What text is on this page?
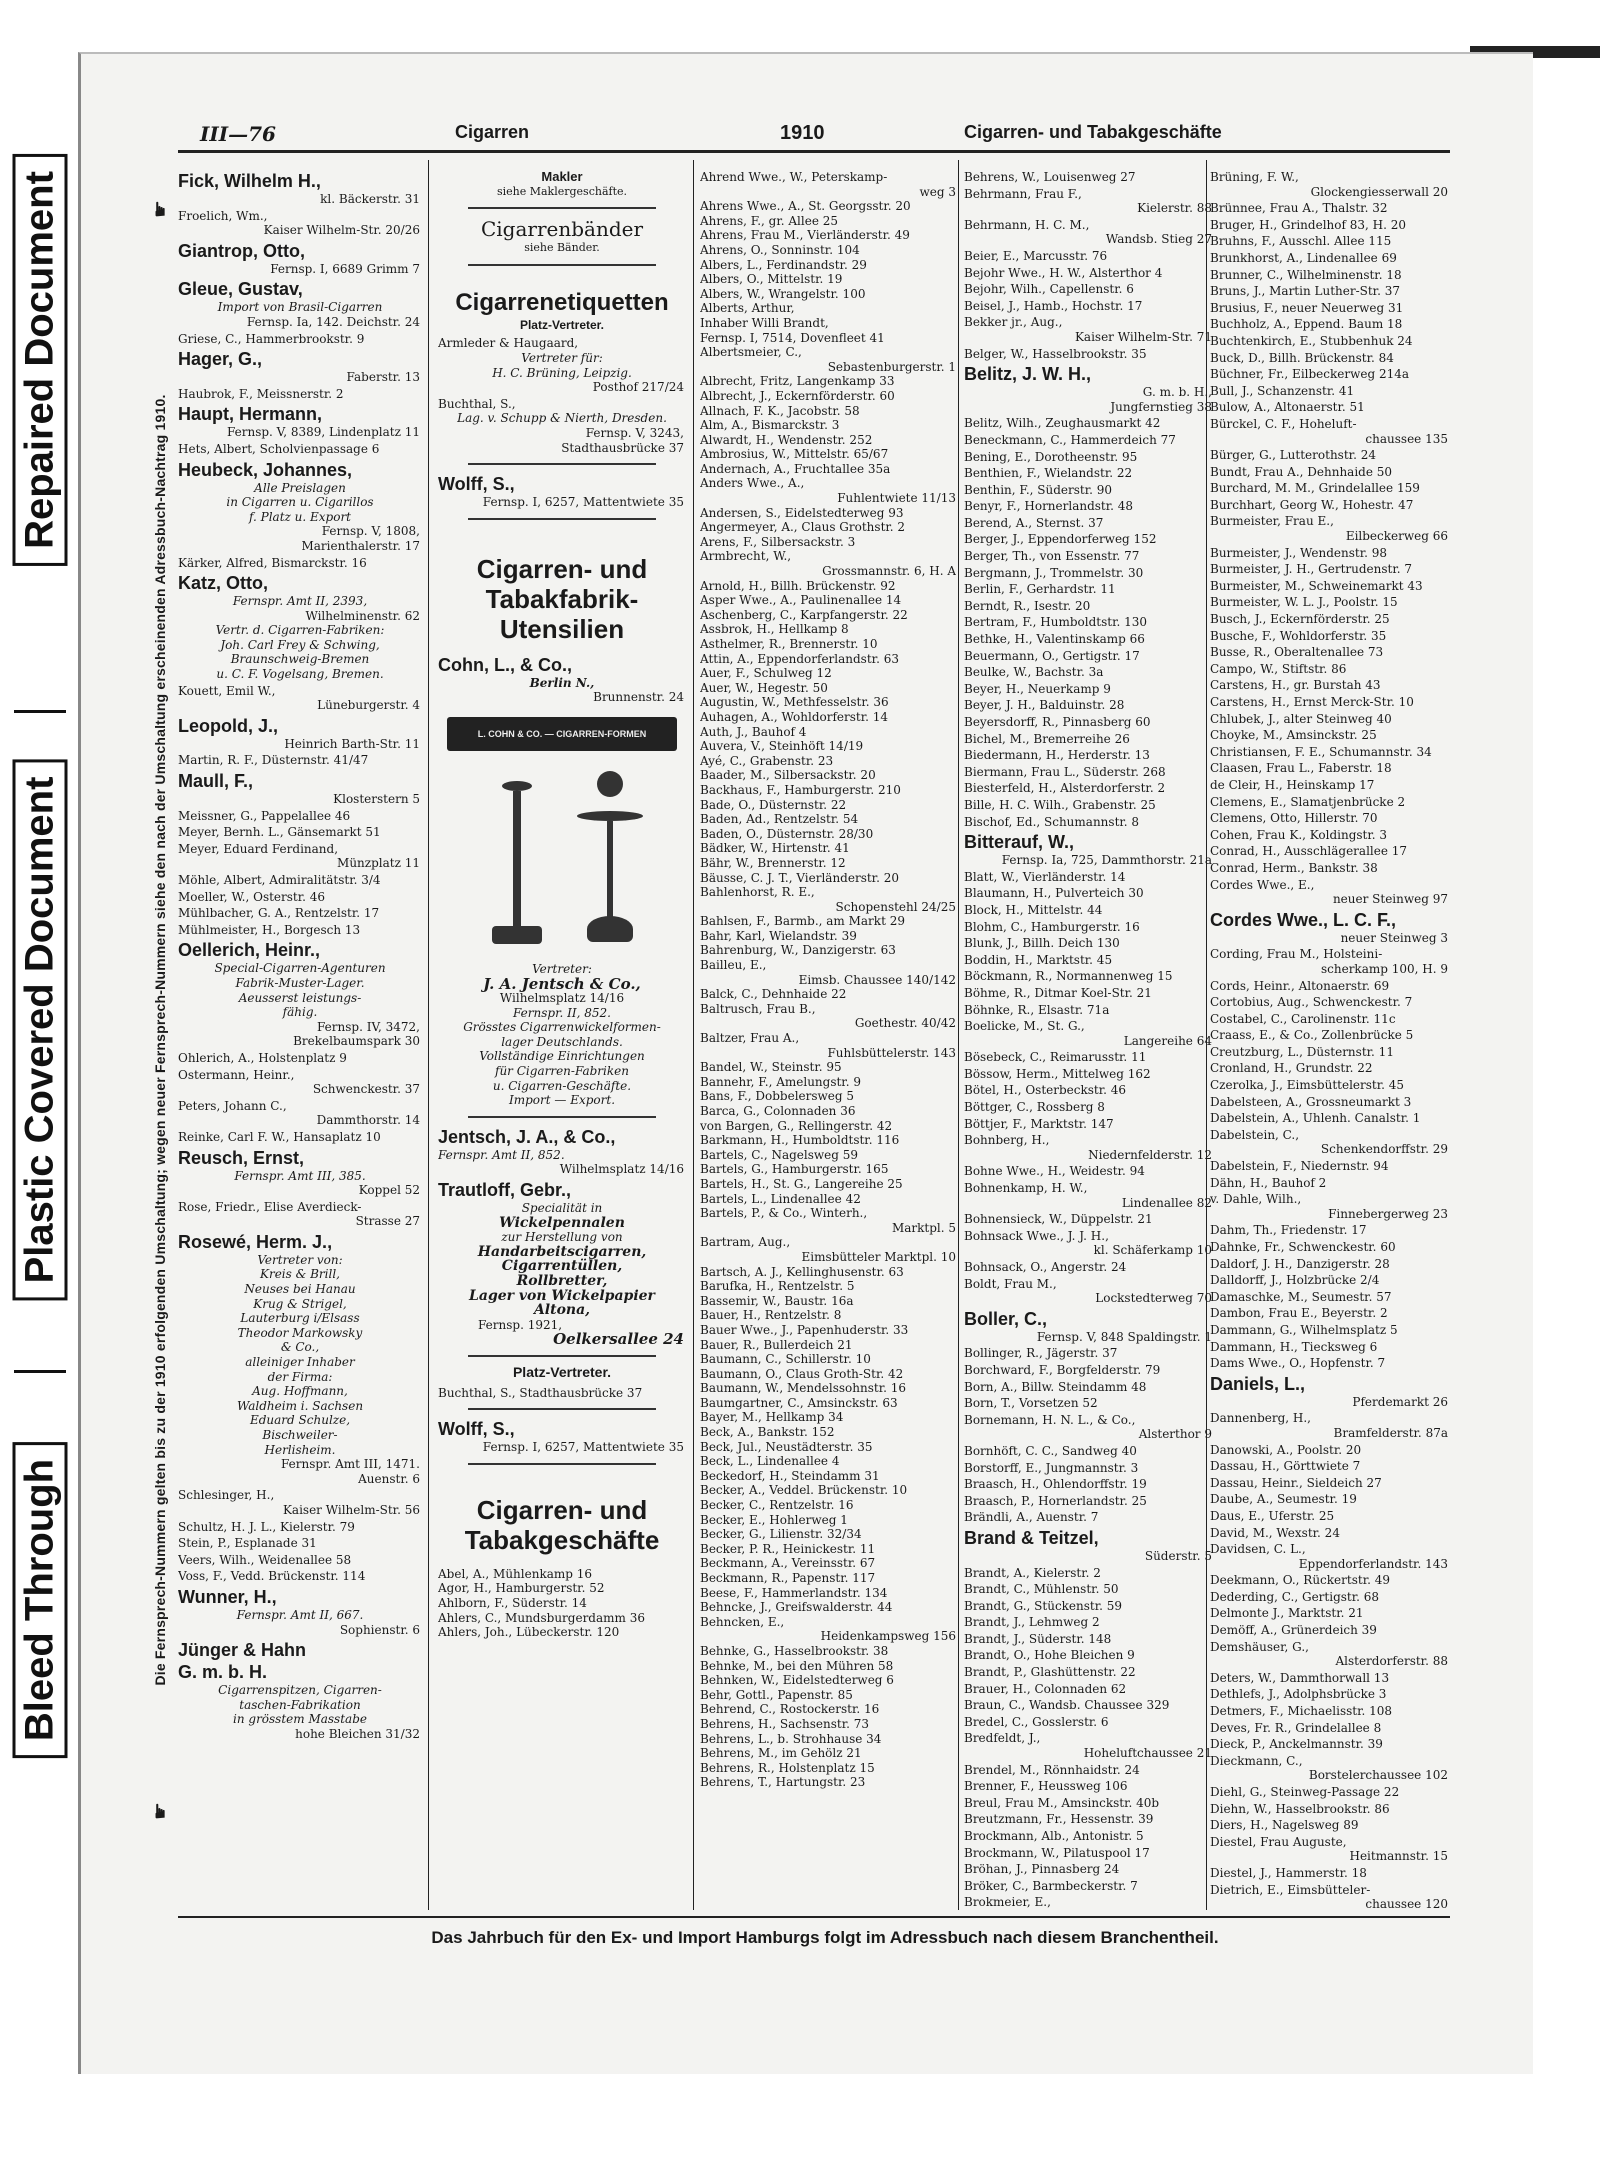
Repaired Document
Plastic Covered Document
Bleed Through
☛
Die Fernsprech-Nummern gelten bis zu der 1910 erfolgenden Umschaltung; wegen neuer Fernsprech-Nummern siehe den nach der Umschaltung erscheinenden Adressbuch-Nachtrag 1910.
☛
III—76	Cigarren	1910	Cigarren- und Tabakgeschäfte
Fick, Wilhelm H.,
kl. Bäckerstr. 31
Froelich, Wm.,
Kaiser Wilhelm-Str. 20/26
Giantrop, Otto,
Fernsp. I, 6689 Grimm 7
Gleue, Gustav,
Import von Brasil-Cigarren
Fernsp. Ia, 142. Deichstr. 24
Griese, C., Hammerbrookstr. 9
Hager, G.,
Faberstr. 13
Haubrok, F., Meissnerstr. 2
Haupt, Hermann,
Fernsp. V, 8389, Lindenplatz 11
Hets, Albert, Scholvienpassage 6
Heubeck, Johannes,
Alle Preislagen
in Cigarren u. Cigarillos
f. Platz u. Export
Fernsp. V, 1808,
Marienthalerstr. 17
Kärker, Alfred, Bismarckstr. 16
Katz, Otto,
Fernspr. Amt II, 2393,
Wilhelminenstr. 62
Vertr. d. Cigarren-Fabriken:
Joh. Carl Frey & Schwing,
Braunschweig-Bremen
u. C. F. Vogelsang, Bremen.
Kouett, Emil W.,
Lüneburgerstr. 4
Leopold, J.,
Heinrich Barth-Str. 11
Martin, R. F., Düsternstr. 41/47
Maull, F.,
Klosterstern 5
Meissner, G., Pappelallee 46
Meyer, Bernh. L., Gänsemarkt 51
Meyer, Eduard Ferdinand,
Münzplatz 11
Möhle, Albert, Admiralitätstr. 3/4
Moeller, W., Osterstr. 46
Mühlbacher, G. A., Rentzelstr. 17
Mühlmeister, H., Borgesch 13
Oellerich, Heinr.,
Special-Cigarren-Agenturen
Fabrik-Muster-Lager.
Aeusserst leistungs-
fähig.
Fernsp. IV, 3472,
Brekelbaumspark 30
Ohlerich, A., Holstenplatz 9
Ostermann, Heinr.,
Schwenckestr. 37
Peters, Johann C.,
Dammthorstr. 14
Reinke, Carl F. W., Hansaplatz 10
Reusch, Ernst,
Fernspr. Amt III, 385.
Koppel 52
Rose, Friedr., Elise Averdieck-
Strasse 27
Rosewé, Herm. J.,
Vertreter von:
Kreis & Brill,
Neuses bei Hanau
Krug & Strigel,
Lauterburg i/Elsass
Theodor Markowsky
& Co.,
alleiniger Inhaber
der Firma:
Aug. Hoffmann,
Waldheim i. Sachsen
Eduard Schulze,
Bischweiler-
Herlisheim.
Fernspr. Amt III, 1471.
Auenstr. 6
Schlesinger, H.,
Kaiser Wilhelm-Str. 56
Schultz, H. J. L., Kielerstr. 79
Stein, P., Esplanade 31
Veers, Wilh., Weidenallee 58
Voss, F., Vedd. Brückenstr. 114
Wunner, H.,
Fernspr. Amt II, 667.
Sophienstr. 6
Jünger & Hahn
G. m. b. H.
Cigarrenspitzen, Cigarren-
taschen-Fabrikation
in grösstem Masstabe
hohe Bleichen 31/32
Makler
siehe Maklergeschäfte.
Cigarrenbänder
siehe Bänder.
Cigarrenetiquetten
Platz-Vertreter.
Armleder & Haugaard,
Vertreter für:
H. C. Brüning, Leipzig.
Posthof 217/24
Buchthal, S.,
Lag. v. Schupp & Nierth, Dresden.
Fernsp. V, 3243,
Stadthausbrücke 37
Wolff, S.,
Fernsp. I, 6257, Mattentwiete 35
Cigarren- und Tabakfabrik- Utensilien
Cohn, L., & Co.,
Berlin N.,
Brunnenstr. 24
L. COHN & CO. — CIGARREN-FORMEN
Vertreter:
J. A. Jentsch & Co.,
Wilhelmsplatz 14/16
Fernspr. II, 852.
Grösstes Cigarrenwickelformen-
lager Deutschlands.
Vollständige Einrichtungen
für Cigarren-Fabriken
u. Cigarren-Geschäfte.
Import — Export.
Jentsch, J. A., & Co.,
Fernspr. Amt II, 852.
Wilhelmsplatz 14/16
Trautloff, Gebr.,
Specialität in
Wickelpennalen
zur Herstellung von
Handarbeitscigarren,
Cigarrentüllen,
Rollbretter,
Lager von Wickelpapier
Altona,
Fernsp. 1921,
Oelkersallee 24
Platz-Vertreter.
Buchthal, S., Stadthausbrücke 37
Wolff, S.,
Fernsp. I, 6257, Mattentwiete 35
Cigarren- und Tabakgeschäfte
Abel, A., Mühlenkamp 16
Agor, H., Hamburgerstr. 52
Ahlborn, F., Süderstr. 14
Ahlers, C., Mundsburgerdamm 36
Ahlers, Joh., Lübeckerstr. 120
Ahrend Wwe., W., Peterskamp-
weg 3
Ahrens Wwe., A., St. Georgsstr. 20
Ahrens, F., gr. Allee 25
Ahrens, Frau M., Vierländerstr. 49
Ahrens, O., Sonninstr. 104
Albers, L., Ferdinandstr. 29
Albers, O., Mittelstr. 19
Albers, W., Wrangelstr. 100
Alberts, Arthur,
Inhaber Willi Brandt,
Fernsp. I, 7514, Dovenfleet 41
Albertsmeier, C.,
Sebastenburgerstr. 1
Albrecht, Fritz, Langenkamp 33
Albrecht, J., Eckernförderstr. 60
Allnach, F. K., Jacobstr. 58
Alm, A., Bismarckstr. 3
Alwardt, H., Wendenstr. 252
Ambrosius, W., Mittelstr. 65/67
Andernach, A., Fruchtallee 35a
Anders Wwe., A.,
Fuhlentwiete 11/13
Andersen, S., Eidelstedterweg 93
Angermeyer, A., Claus Grothstr. 2
Arens, F., Silbersackstr. 3
Armbrecht, W.,
Grossmannstr. 6, H. A
Arnold, H., Billh. Brückenstr. 92
Asper Wwe., A., Paulinenallee 14
Aschenberg, C., Karpfangerstr. 22
Assbrok, H., Hellkamp 8
Asthelmer, R., Brennerstr. 10
Attin, A., Eppendorferlandstr. 63
Auer, F., Schulweg 12
Auer, W., Hegestr. 50
Augustin, W., Methfesselstr. 36
Auhagen, A., Wohldorferstr. 14
Auth, J., Bauhof 4
Auvera, V., Steinhöft 14/19
Ayé, C., Grabenstr. 23
Baader, M., Silbersackstr. 20
Backhaus, F., Hamburgerstr. 210
Bade, O., Düsternstr. 22
Baden, Ad., Rentzelstr. 54
Baden, O., Düsternstr. 28/30
Bädker, W., Hirtenstr. 41
Bähr, W., Brennerstr. 12
Bäusse, C. J. T., Vierländerstr. 20
Bahlenhorst, R. E.,
Schopenstehl 24/25
Bahlsen, F., Barmb., am Markt 29
Bahr, Karl, Wielandstr. 39
Bahrenburg, W., Danzigerstr. 63
Bailleu, E.,
Eimsb. Chaussee 140/142
Balck, C., Dehnhaide 22
Baltrusch, Frau B.,
Goethestr. 40/42
Baltzer, Frau A.,
Fuhlsbüttelerstr. 143
Bandel, W., Steinstr. 95
Bannehr, F., Amelungstr. 9
Bans, F., Dobbelersweg 5
Barca, G., Colonnaden 36
von Bargen, G., Rellingerstr. 42
Barkmann, H., Humboldtstr. 116
Bartels, C., Nagelsweg 59
Bartels, G., Hamburgerstr. 165
Bartels, H., St. G., Langereihe 25
Bartels, L., Lindenallee 42
Bartels, P., & Co., Winterh.,
Marktpl. 5
Bartram, Aug.,
Eimsbütteler Marktpl. 10
Bartsch, A. J., Kellinghusenstr. 63
Barufka, H., Rentzelstr. 5
Bassemir, W., Baustr. 16a
Bauer, H., Rentzelstr. 8
Bauer Wwe., J., Papenhuderstr. 33
Bauer, R., Bullerdeich 21
Baumann, C., Schillerstr. 10
Baumann, O., Claus Groth-Str. 42
Baumann, W., Mendelssohnstr. 16
Baumgartner, C., Amsinckstr. 63
Bayer, M., Hellkamp 34
Beck, A., Bankstr. 152
Beck, Jul., Neustädterstr. 35
Beck, L., Lindenallee 4
Beckedorf, H., Steindamm 31
Becker, A., Veddel. Brückenstr. 10
Becker, C., Rentzelstr. 16
Becker, E., Hohlerweg 1
Becker, G., Lilienstr. 32/34
Becker, P. R., Heinickestr. 11
Beckmann, A., Vereinsstr. 67
Beckmann, R., Papenstr. 117
Beese, F., Hammerlandstr. 134
Behncke, J., Greifswalderstr. 44
Behncken, E.,
Heidenkampsweg 156
Behnke, G., Hasselbrookstr. 38
Behnke, M., bei den Mühren 58
Behnken, W., Eidelstedterweg 6
Behr, Gottl., Papenstr. 85
Behrend, C., Rostockerstr. 16
Behrens, H., Sachsenstr. 73
Behrens, L., b. Strohhause 34
Behrens, M., im Gehölz 21
Behrens, R., Holstenplatz 15
Behrens, T., Hartungstr. 23
Behrens, W., Louisenweg 27
Behrmann, Frau F.,
Kielerstr. 88
Behrmann, H. C. M.,
Wandsb. Stieg 27
Beier, E., Marcusstr. 76
Bejohr Wwe., H. W., Alsterthor 4
Bejohr, Wilh., Capellenstr. 6
Beisel, J., Hamb., Hochstr. 17
Bekker jr., Aug.,
Kaiser Wilhelm-Str. 71
Belger, W., Hasselbrookstr. 35
Belitz, J. W. H.,
G. m. b. H.,
Jungfernstieg 38
Belitz, Wilh., Zeughausmarkt 42
Beneckmann, C., Hammerdeich 77
Bening, E., Dorotheenstr. 95
Benthien, F., Wielandstr. 22
Benthin, F., Süderstr. 90
Benyr, F., Hornerlandstr. 48
Berend, A., Sternst. 37
Berger, J., Eppendorferweg 152
Berger, Th., von Essenstr. 77
Bergmann, J., Trommelstr. 30
Berlin, F., Gerhardstr. 11
Berndt, R., Isestr. 20
Bertram, F., Humboldtstr. 130
Bethke, H., Valentinskamp 66
Beuermann, O., Gertigstr. 17
Beulke, W., Bachstr. 3a
Beyer, H., Neuerkamp 9
Beyer, J. H., Balduinstr. 28
Beyersdorff, R., Pinnasberg 60
Bichel, M., Bremerreihe 26
Biedermann, H., Herderstr. 13
Biermann, Frau L., Süderstr. 268
Biesterfeld, H., Alsterdorferstr. 2
Bille, H. C. Wilh., Grabenstr. 25
Bischof, Ed., Schumannstr. 8
Bitterauf, W.,
Fernsp. Ia, 725, Dammthorstr. 21a
Blatt, W., Vierländerstr. 14
Blaumann, H., Pulverteich 30
Block, H., Mittelstr. 44
Blohm, C., Hamburgerstr. 16
Blunk, J., Billh. Deich 130
Boddin, H., Marktstr. 45
Böckmann, R., Normannenweg 15
Böhme, R., Ditmar Koel-Str. 21
Böhnke, R., Elsastr. 71a
Boelicke, M., St. G.,
Langereihe 64
Bösebeck, C., Reimarusstr. 11
Bössow, Herm., Mittelweg 162
Bötel, H., Osterbeckstr. 46
Böttger, C., Rossberg 8
Böttjer, F., Marktstr. 147
Bohnberg, H.,
Niedernfelderstr. 12
Bohne Wwe., H., Weidestr. 94
Bohnenkamp, H. W.,
Lindenallee 82
Bohnensieck, W., Düppelstr. 21
Bohnsack Wwe., J. J. H.,
kl. Schäferkamp 10
Bohnsack, O., Angerstr. 24
Boldt, Frau M.,
Lockstedterweg 70
Boller, C.,
Fernsp. V, 848 Spaldingstr. 1
Bollinger, R., Jägerstr. 37
Borchward, F., Borgfelderstr. 79
Born, A., Billw. Steindamm 48
Born, T., Vorsetzen 52
Bornemann, H. N. L., & Co.,
Alsterthor 9
Bornhöft, C. C., Sandweg 40
Borstorff, E., Jungmannstr. 3
Braasch, H., Ohlendorffstr. 19
Braasch, P., Hornerlandstr. 25
Brändli, A., Auenstr. 7
Brand & Teitzel,
Süderstr. 5
Brandt, A., Kielerstr. 2
Brandt, C., Mühlenstr. 50
Brandt, G., Stückenstr. 59
Brandt, J., Lehmweg 2
Brandt, J., Süderstr. 148
Brandt, O., Hohe Bleichen 9
Brandt, P., Glashüttenstr. 22
Brauer, H., Colonnaden 62
Braun, C., Wandsb. Chaussee 329
Bredel, C., Gosslerstr. 6
Bredfeldt, J.,
Hoheluftchaussee 21
Brendel, M., Rönnhaidstr. 24
Brenner, F., Heussweg 106
Breul, Frau M., Amsinckstr. 40b
Breutzmann, Fr., Hessenstr. 39
Brockmann, Alb., Antonistr. 5
Brockmann, W., Pilatuspool 17
Bröhan, J., Pinnasberg 24
Bröker, C., Barmbeckerstr. 7
Brokmeier, E.,
Brüning, F. W.,
Glockengiesserwall 20
Brünnee, Frau A., Thalstr. 32
Bruger, H., Grindelhof 83, H. 20
Bruhns, F., Ausschl. Allee 115
Brunkhorst, A., Lindenallee 69
Brunner, C., Wilhelminenstr. 18
Bruns, J., Martin Luther-Str. 37
Brusius, F., neuer Neuerweg 31
Buchholz, A., Eppend. Baum 18
Buchtenkirch, E., Stubbenhuk 24
Buck, D., Billh. Brückenstr. 84
Büchner, Fr., Eilbeckerweg 214a
Bull, J., Schanzenstr. 41
Bulow, A., Altonaerstr. 51
Bürckel, C. F., Hoheluft-
chaussee 135
Bürger, G., Lutterothstr. 24
Bundt, Frau A., Dehnhaide 50
Burchard, M. M., Grindelallee 159
Burchhart, Georg W., Hohestr. 47
Burmeister, Frau E.,
Eilbeckerweg 66
Burmeister, J., Wendenstr. 98
Burmeister, J. H., Gertrudenstr. 7
Burmeister, M., Schweinemarkt 43
Burmeister, W. L. J., Poolstr. 15
Busch, J., Eckernförderstr. 25
Busche, F., Wohldorferstr. 35
Busse, R., Oberaltenallee 73
Campo, W., Stiftstr. 86
Carstens, H., gr. Burstah 43
Carstens, H., Ernst Merck-Str. 10
Chlubek, J., alter Steinweg 40
Choyke, M., Amsinckstr. 25
Christiansen, F. E., Schumannstr. 34
Claasen, Frau L., Faberstr. 18
de Cleir, H., Heinskamp 17
Clemens, E., Slamatjenbrücke 2
Clemens, Otto, Hillerstr. 70
Cohen, Frau K., Koldingstr. 3
Conrad, H., Ausschlägerallee 17
Conrad, Herm., Bankstr. 38
Cordes Wwe., E.,
neuer Steinweg 97
Cordes Wwe., L. C. F.,
neuer Steinweg 3
Cording, Frau M., Holsteini-
scherkamp 100, H. 9
Cords, Heinr., Altonaerstr. 69
Cortobius, Aug., Schwenckestr. 7
Costabel, C., Carolinenstr. 11c
Craass, E., & Co., Zollenbrücke 5
Creutzburg, L., Düsternstr. 11
Cronland, H., Grundstr. 22
Czerolka, J., Eimsbüttelerstr. 45
Dabelsteen, A., Grossneumarkt 3
Dabelstein, A., Uhlenh. Canalstr. 1
Dabelstein, C.,
Schenkendorffstr. 29
Dabelstein, F., Niedernstr. 94
Dähn, H., Bauhof 2
v. Dahle, Wilh.,
Finnebergerweg 23
Dahm, Th., Friedenstr. 17
Dahnke, Fr., Schwenckestr. 60
Daldorf, J. H., Danzigerstr. 28
Dalldorff, J., Holzbrücke 2/4
Damaschke, M., Seumestr. 57
Dambon, Frau E., Beyerstr. 2
Dammann, G., Wilhelmsplatz 5
Dammann, H., Tiecksweg 6
Dams Wwe., O., Hopfenstr. 7
Daniels, L.,
Pferdemarkt 26
Dannenberg, H.,
Bramfelderstr. 87a
Danowski, A., Poolstr. 20
Dassau, H., Görttwiete 7
Dassau, Heinr., Sieldeich 27
Daube, A., Seumestr. 19
Daus, E., Uferstr. 25
David, M., Wexstr. 24
Davidsen, C. L.,
Eppendorferlandstr. 143
Deekmann, O., Rückertstr. 49
Dederding, C., Gertigstr. 68
Delmonte J., Marktstr. 21
Demöff, A., Grünerdeich 39
Demshäuser, G.,
Alsterdorferstr. 88
Deters, W., Dammthorwall 13
Dethlefs, J., Adolphsbrücke 3
Detmers, F., Michaelisstr. 108
Deves, Fr. R., Grindelallee 8
Dieck, P., Anckelmannstr. 39
Dieckmann, C.,
Borstelerchaussee 102
Diehl, G., Steinweg-Passage 22
Diehn, W., Hasselbrookstr. 86
Diers, H., Nagelsweg 89
Diestel, Frau Auguste,
Heitmannstr. 15
Diestel, J., Hammerstr. 18
Dietrich, E., Eimsbütteler-
chaussee 120
Das Jahrbuch für den Ex- und Import Hamburgs folgt im Adressbuch nach diesem Branchentheil.
